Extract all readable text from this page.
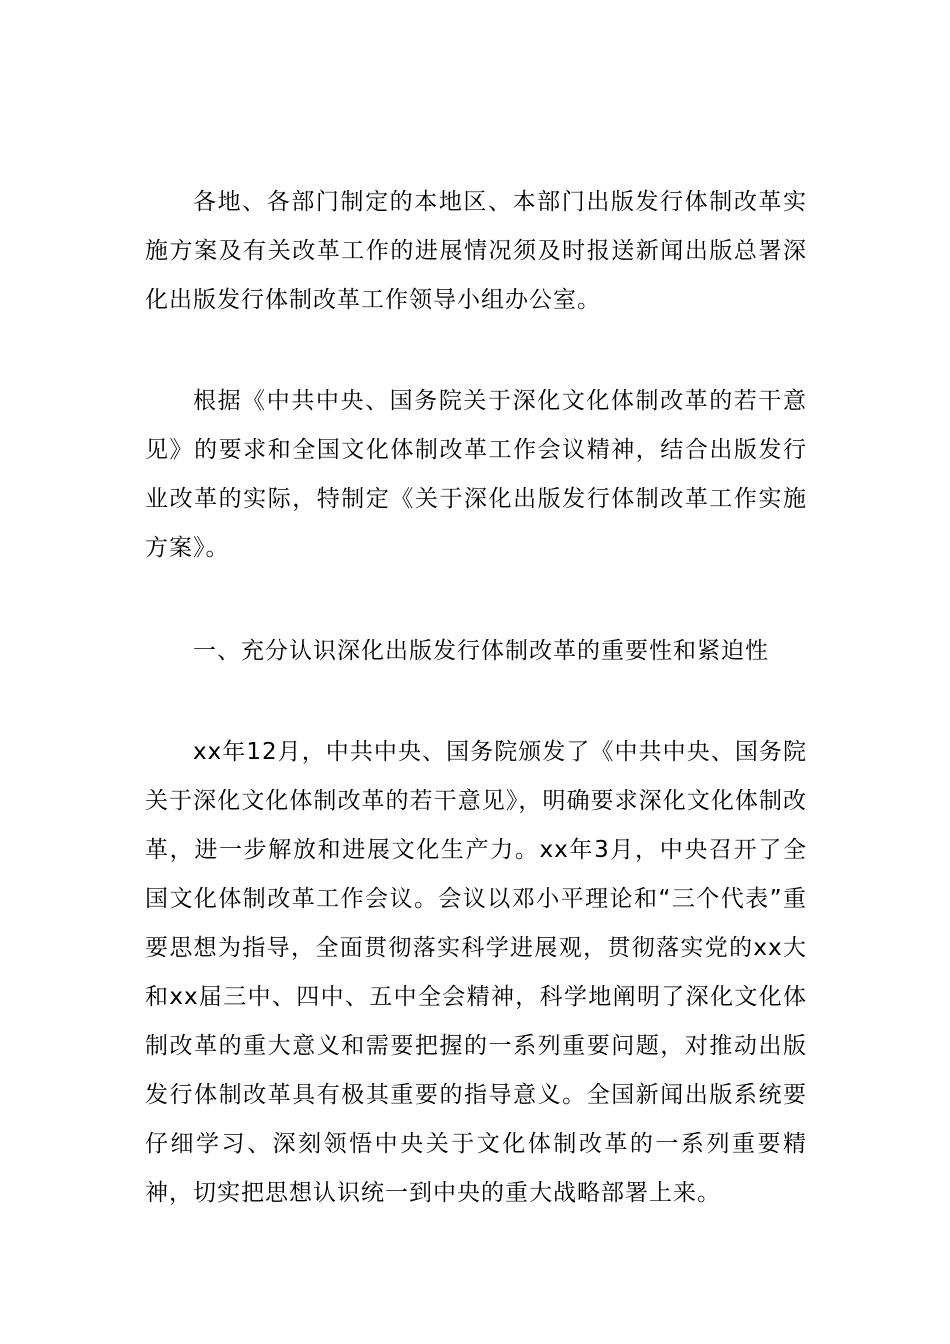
各地、各部门制定的本地区、本部门出版发行体制改革实施方案及有关改革工作的进展情况须及时报送新闻出版总署深化出版发行体制改革工作领导小组办公室。

根据《中共中央、国务院关于深化文化体制改革的若干意见》的要求和全国文化体制改革工作会议精神，结合出版发行业改革的实际，特制定《关于深化出版发行体制改革工作实施方案》。

一、充分认识深化出版发行体制改革的重要性和紧迫性

xx年12月，中共中央、国务院颁发了《中共中央、国务院关于深化文化体制改革的若干意见》，明确要求深化文化体制改革，进一步解放和进展文化生产力。xx年3月，中央召开了全国文化体制改革工作会议。会议以邓小平理论和“三个代表”重要思想为指导，全面贯彻落实科学进展观，贯彻落实党的xx大和xx届三中、四中、五中全会精神，科学地阐明了深化文化体制改革的重大意义和需要把握的一系列重要问题，对推动出版发行体制改革具有极其重要的指导意义。全国新闻出版系统要仔细学习、深刻领悟中央关于文化体制改革的一系列重要精神，切实把思想认识统一到中央的重大战略部署上来。
